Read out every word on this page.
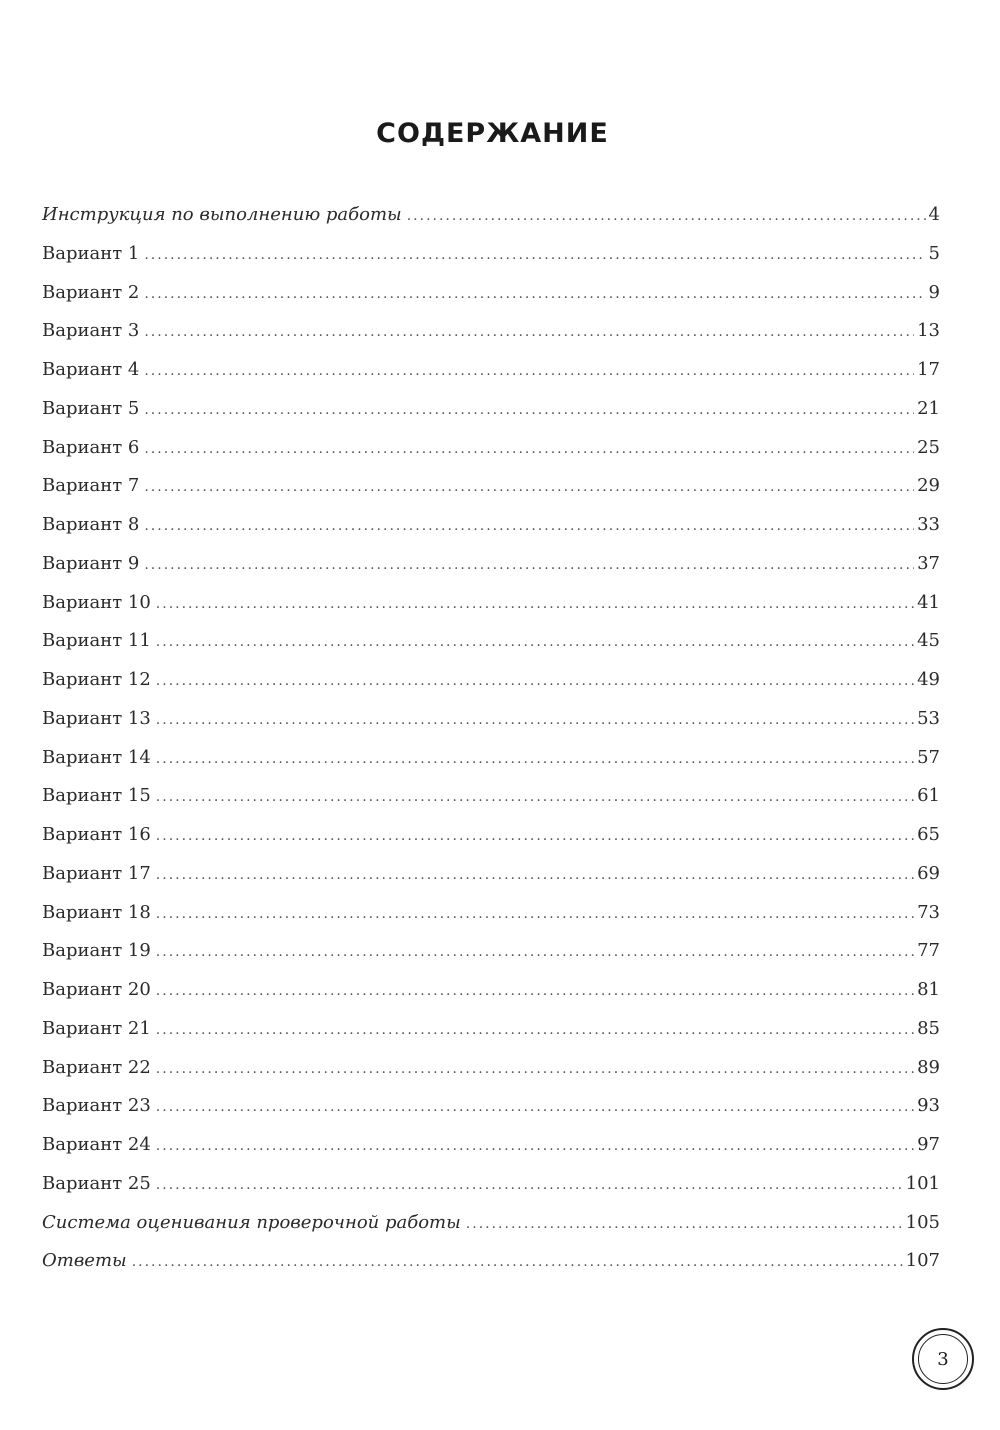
СОДЕРЖАНИЕ
Инструкция по выполнению работы .....	4
Вариант 1 .....	5
Вариант 2 .....	9
Вариант 3 .....	13
Вариант 4 .....	17
Вариант 5 .....	21
Вариант 6 .....	25
Вариант 7 .....	29
Вариант 8 .....	33
Вариант 9 .....	37
Вариант 10 .....	41
Вариант 11 .....	45
Вариант 12 .....	49
Вариант 13 .....	53
Вариант 14 .....	57
Вариант 15 .....	61
Вариант 16 .....	65
Вариант 17 .....	69
Вариант 18 .....	73
Вариант 19 .....	77
Вариант 20 .....	81
Вариант 21 .....	85
Вариант 22 .....	89
Вариант 23 .....	93
Вариант 24 .....	97
Вариант 25 .....	101
Система оценивания проверочной работы .....	105
Ответы .....	107
3
